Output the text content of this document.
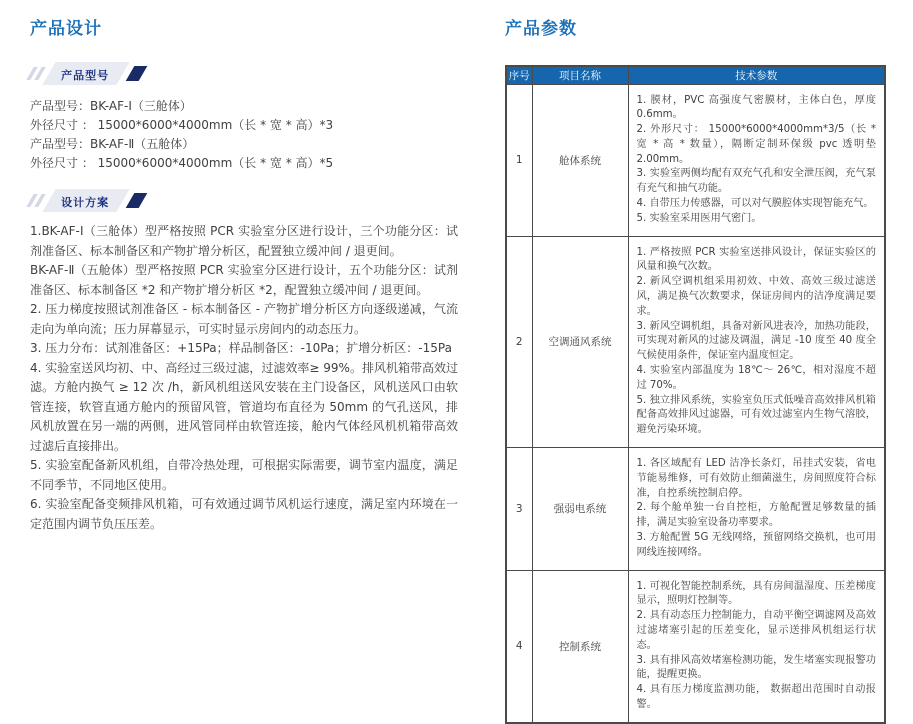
产品设计
产品型号
产品型号：BK-AF-Ⅰ（三舱体）
外径尺寸 ： 15000*6000*4000mm（长 * 宽 * 高）*3
产品型号：BK-AF-Ⅱ（五舱体）
外径尺寸 ： 15000*6000*4000mm（长 * 宽 * 高）*5
设计方案

1.BK-AF-Ⅰ（三舱体）型严格按照 PCR 实验室分区进行设计，三个功能分区：试剂准备区、标本制备区和产物扩增分析区，配置独立缓冲间 / 退更间。

BK-AF-Ⅱ（五舱体）型严格按照 PCR 实验室分区进行设计，五个功能分区：试剂准备区、标本制备区 *2 和产物扩增分析区 *2，配置独立缓冲间 / 退更间。

2. 压力梯度按照试剂准备区 - 标本制备区 - 产物扩增分析区方向逐级递减，气流走向为单向流；压力屏幕显示，可实时显示房间内的动态压力。

3. 压力分布：试剂准备区：+15Pa；样品制备区：-10Pa；扩增分析区：-15Pa

4. 实验室送风均初、中、高经过三级过滤，过滤效率≥ 99%。排风机箱带高效过滤。方舱内换气 ≥ 12 次 /h，新风机组送风安装在主门设备区，风机送风口由软管连接，软管直通方舱内的预留风管，管道均布直径为 50mm 的气孔送风，排风机放置在另一端的两侧，进风管同样由软管连接，舱内气体经风机机箱带高效过滤后直接排出。

5. 实验室配备新风机组，自带冷热处理，可根据实际需要，调节室内温度，满足不同季节，不同地区使用。

6. 实验室配备变频排风机箱，可有效通过调节风机运行速度，满足室内环境在一定范围内调节负压压差。

产品参数
序号	项目名称	技术参数
1	舱体系统	1. 膜材，PVC 高强度气密膜材，主体白色，厚度 0.6mm。
2. 外形尺寸： 15000*6000*4000mm*3/5（长 * 宽 * 高 * 数量），隔断定制环保级 pvc 透明垫 2.00mm。
3. 实验室两侧均配有双充气孔和安全泄压阀，充气泵有充气和抽气功能。
4. 自带压力传感器，可以对气膜腔体实现智能充气。
5. 实验室采用医用气密门。

2	空调通风系统	1. 严格按照 PCR 实验室送排风设计，保证实验区的风量和换气次数。
2. 新风空调机组采用初效、中效、高效三级过滤送风，满足换气次数要求，保证房间内的洁净度满足要求。
3. 新风空调机组，具备对新风进表冷，加热功能段，可实现对新风的过滤及调温，满足 -10 度至 40 度全气候使用条件，保证室内温度恒定。
4. 实验室内部温度为 18℃～ 26℃，相对湿度不超过 70%。
5. 独立排风系统，实验室负压式低噪音高效排风机箱配备高效排风过滤器，可有效过滤室内生物气溶胶，避免污染环境。

3	强弱电系统	1. 各区域配有 LED 洁净长条灯，吊挂式安装，省电节能易维修，可有效防止细菌滋生，房间照度符合标准，自控系统控制启停。
2. 每个舱单独一台自控柜，方舱配置足够数量的插排，满足实验室设备功率要求。
3. 方舱配置 5G 无线网络，预留网络交换机，也可用网线连接网络。

4	控制系统	1. 可视化智能控制系统，具有房间温湿度、压差梯度显示，照明灯控制等。
2. 具有动态压力控制能力，自动平衡空调滤网及高效过滤堵塞引起的压差变化，显示送排风机组运行状态。
3. 具有排风高效堵塞检测功能，发生堵塞实现报警功能，提醒更换。
4. 具有压力梯度监测功能， 数据超出范围时自动报警。
